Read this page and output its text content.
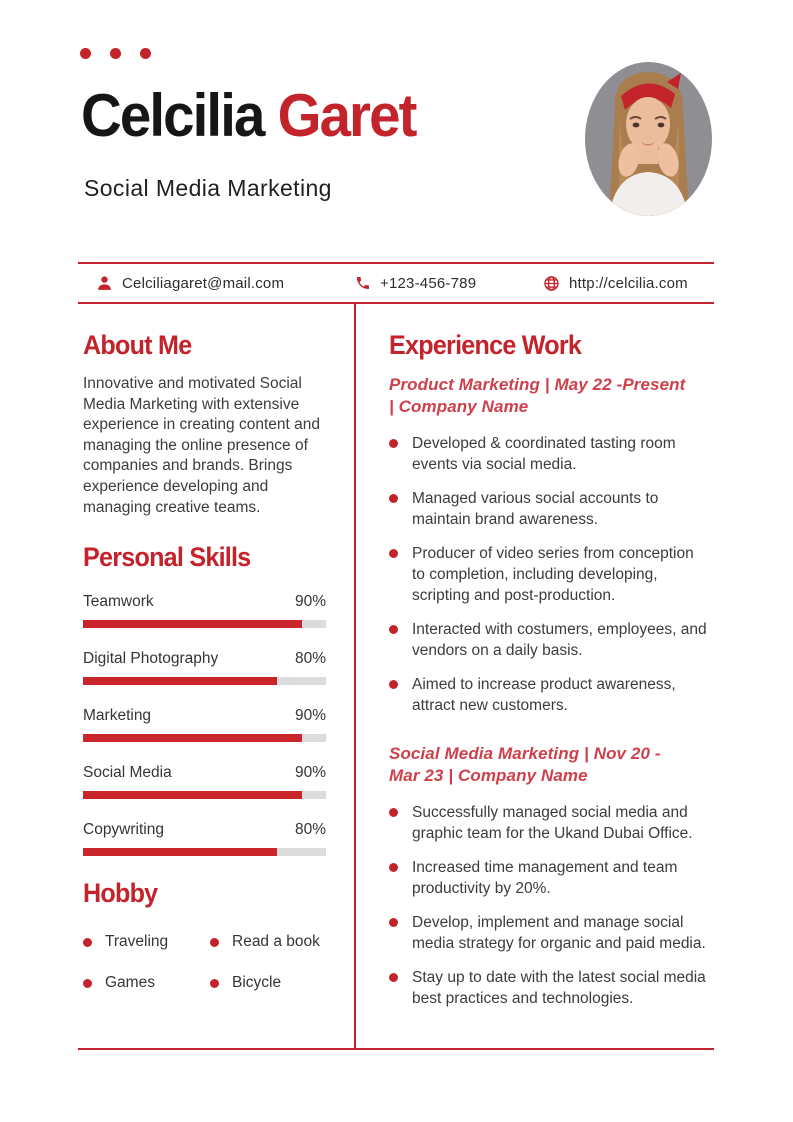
Celcilia Garet
Social Media Marketing
Celciliagaret@mail.com	+123-456-789	http://celcilia.com
About Me

Innovative and motivated Social Media Marketing with extensive experience in creating content and managing the online presence of companies and brands. Brings experience developing and managing creative teams.

Personal Skills
Teamwork	90%
Digital Photography	80%
Marketing	90%
Social Media	90%
Copywriting	80%
Hobby
Traveling	Read a book
Games	Bicycle
Experience Work
Product Marketing | May 22 -Present | Company Name
Developed & coordinated tasting room events via social media.
Managed various social accounts to maintain brand awareness.
Producer of video series from conception to completion, including developing, scripting and post-production.
Interacted with costumers, employees, and vendors on a daily basis.
Aimed to increase product awareness, attract new customers.
Social Media Marketing | Nov 20 - Mar 23 | Company Name
Successfully managed social media and graphic team for the Ukand Dubai Office.
Increased time management and team productivity by 20%.
Develop, implement and manage social media strategy for organic and paid media.
Stay up to date with the latest social media best practices and technologies.
